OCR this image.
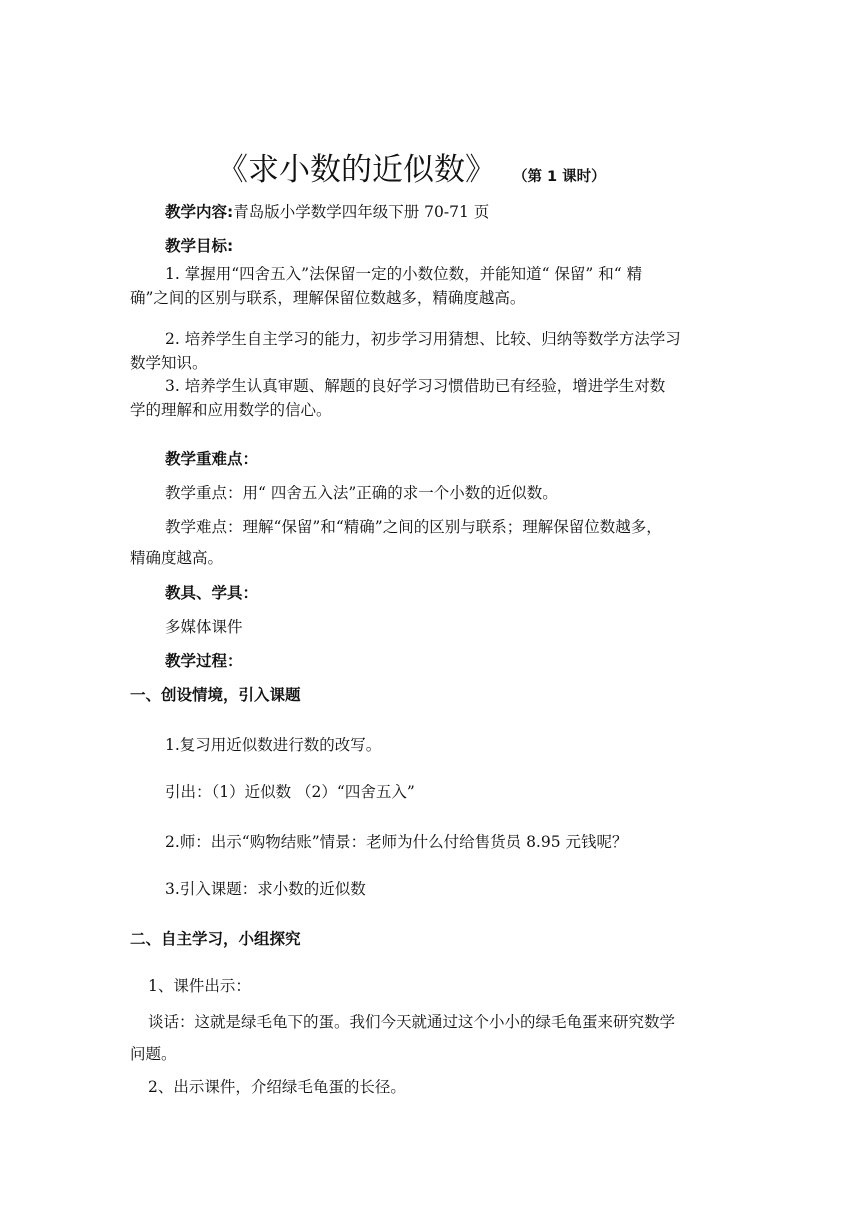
《求小数的近似数》 （第 1 课时）
教学内容:青岛版小学数学四年级下册 70-71 页
教学目标:
1. 掌握用“四舍五入”法保留一定的小数位数，并能知道“ 保留” 和“ 精
确”之间的区别与联系，理解保留位数越多，精确度越高。
2. 培养学生自主学习的能力，初步学习用猜想、比较、归纳等数学方法学习
数学知识。
3. 培养学生认真审题、解题的良好学习习惯借助已有经验，增进学生对数
学的理解和应用数学的信心。
教学重难点：
教学重点：用“ 四舍五入法”正确的求一个小数的近似数。
教学难点：理解“保留”和“精确”之间的区别与联系；理解保留位数越多，
精确度越高。
教具、学具：
多媒体课件
教学过程：
一、创设情境，引入课题
1.复习用近似数进行数的改写。
引出：（1）近似数 （2）“四舍五入”
2.师：出示“购物结账”情景：老师为什么付给售货员 8.95 元钱呢？
3.引入课题：求小数的近似数
二、自主学习，小组探究
1、课件出示：
谈话：这就是绿毛龟下的蛋。我们今天就通过这个小小的绿毛龟蛋来研究数学
问题。
2、出示课件，介绍绿毛龟蛋的长径。
